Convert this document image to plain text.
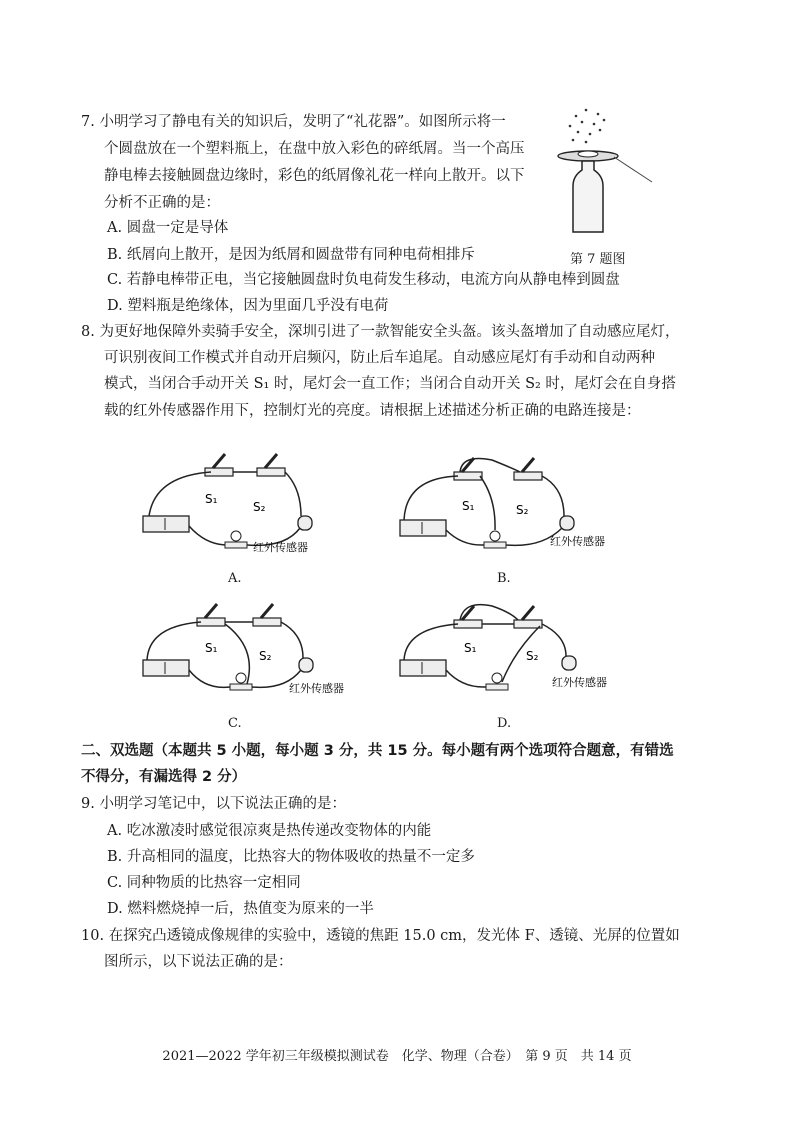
7. 小明学习了静电有关的知识后，发明了“礼花器”。如图所示将一
个圆盘放在一个塑料瓶上，在盘中放入彩色的碎纸屑。当一个高压
静电棒去接触圆盘边缘时，彩色的纸屑像礼花一样向上散开。以下
分析不正确的是：
A. 圆盘一定是导体
B. 纸屑向上散开，是因为纸屑和圆盘带有同种电荷相排斥
C. 若静电棒带正电，当它接触圆盘时负电荷发生移动，电流方向从静电棒到圆盘
D. 塑料瓶是绝缘体，因为里面几乎没有电荷
第 7 题图
8. 为更好地保障外卖骑手安全，深圳引进了一款智能安全头盔。该头盔增加了自动感应尾灯，
可识别夜间工作模式并自动开启频闪，防止后车追尾。自动感应尾灯有手动和自动两种
模式，当闭合手动开关 S₁ 时，尾灯会一直工作；当闭合自动开关 S₂ 时，尾灯会在自身搭
载的红外传感器作用下，控制灯光的亮度。请根据上述描述分析正确的电路连接是：
S₁
S₂
红外传感器
A.
S₁	S₂
红外传感器
B.
S₁
S₂
红外传感器
C.
S₁
S₂
红外传感器
D.
二、双选题（本题共 5 小题，每小题 3 分，共 15 分。每小题有两个选项符合题意，有错选
不得分，有漏选得 2 分）
9. 小明学习笔记中，以下说法正确的是：
A. 吃冰激凌时感觉很凉爽是热传递改变物体的内能
B. 升高相同的温度，比热容大的物体吸收的热量不一定多
C. 同种物质的比热容一定相同
D. 燃料燃烧掉一后，热值变为原来的一半
10. 在探究凸透镜成像规律的实验中，透镜的焦距 15.0 cm，发光体 F、透镜、光屏的位置如
图所示，以下说法正确的是：
2021—2022 学年初三年级模拟测试卷　化学、物理（合卷）　第 9 页　共 14 页
